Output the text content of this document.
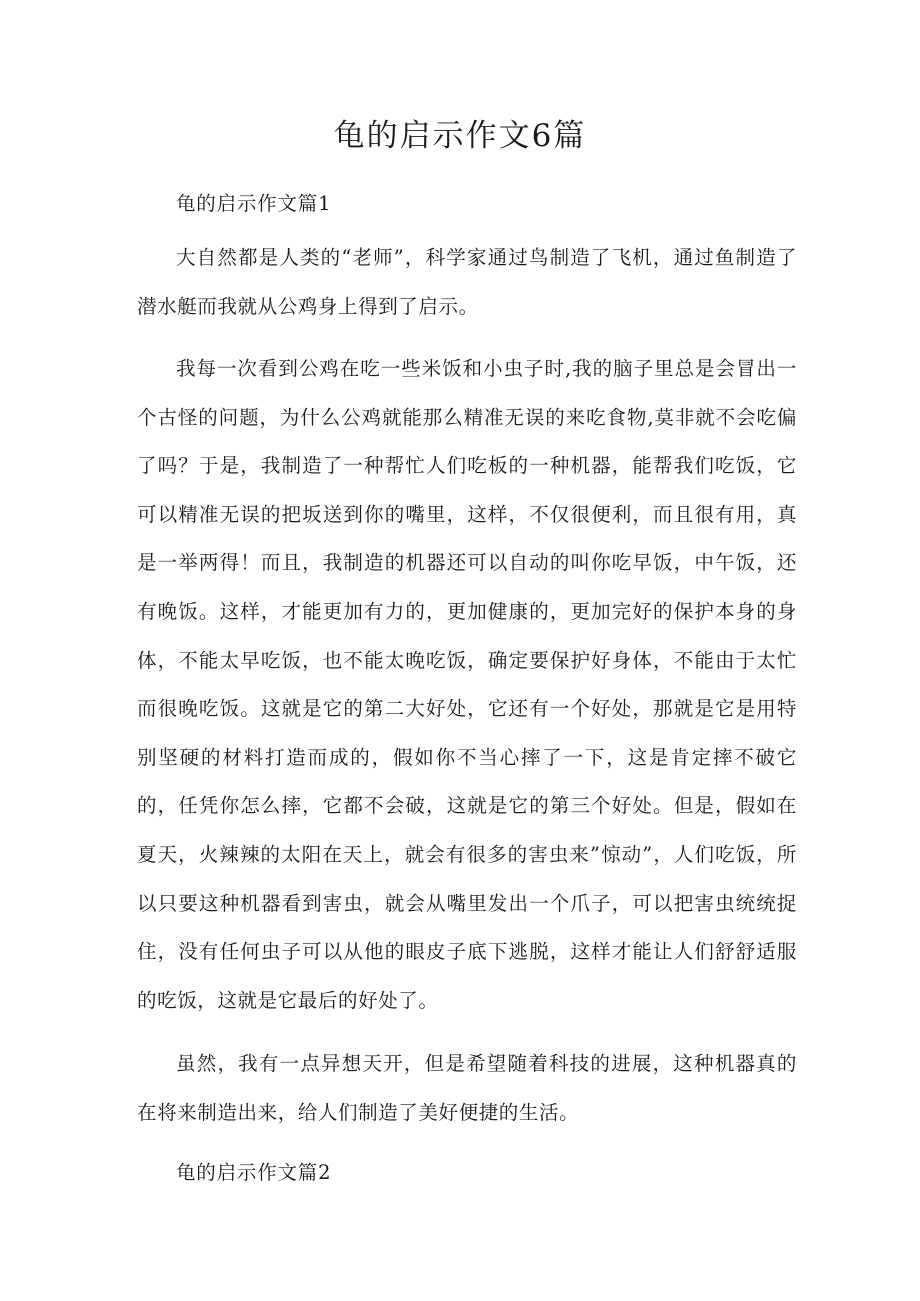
龟的启示作文6篇
龟的启示作文篇1

大自然都是人类的“老师”，科学家通过鸟制造了飞机，通过鱼制造了潜水艇而我就从公鸡身上得到了启示。

我每一次看到公鸡在吃一些米饭和小虫子时,我的脑子里总是会冒出一个古怪的问题，为什么公鸡就能那么精准无误的来吃食物,莫非就不会吃偏了吗？于是，我制造了一种帮忙人们吃板的一种机器，能帮我们吃饭，它可以精准无误的把坂送到你的嘴里，这样，不仅很便利，而且很有用，真是一举两得！而且，我制造的机器还可以自动的叫你吃早饭，中午饭，还有晚饭。这样，才能更加有力的，更加健康的，更加完好的保护本身的身体，不能太早吃饭，也不能太晚吃饭，确定要保护好身体，不能由于太忙而很晚吃饭。这就是它的第二大好处，它还有一个好处，那就是它是用特别坚硬的材料打造而成的，假如你不当心摔了一下，这是肯定摔不破它的，任凭你怎么摔，它都不会破，这就是它的第三个好处。但是，假如在夏天，火辣辣的太阳在天上，就会有很多的害虫来”惊动”，人们吃饭，所以只要这种机器看到害虫，就会从嘴里发出一个爪子，可以把害虫统统捉住，没有任何虫子可以从他的眼皮子底下逃脱，这样才能让人们舒舒适服的吃饭，这就是它最后的好处了。

虽然，我有一点异想天开，但是希望随着科技的进展，这种机器真的在将来制造出来，给人们制造了美好便捷的生活。

龟的启示作文篇2
